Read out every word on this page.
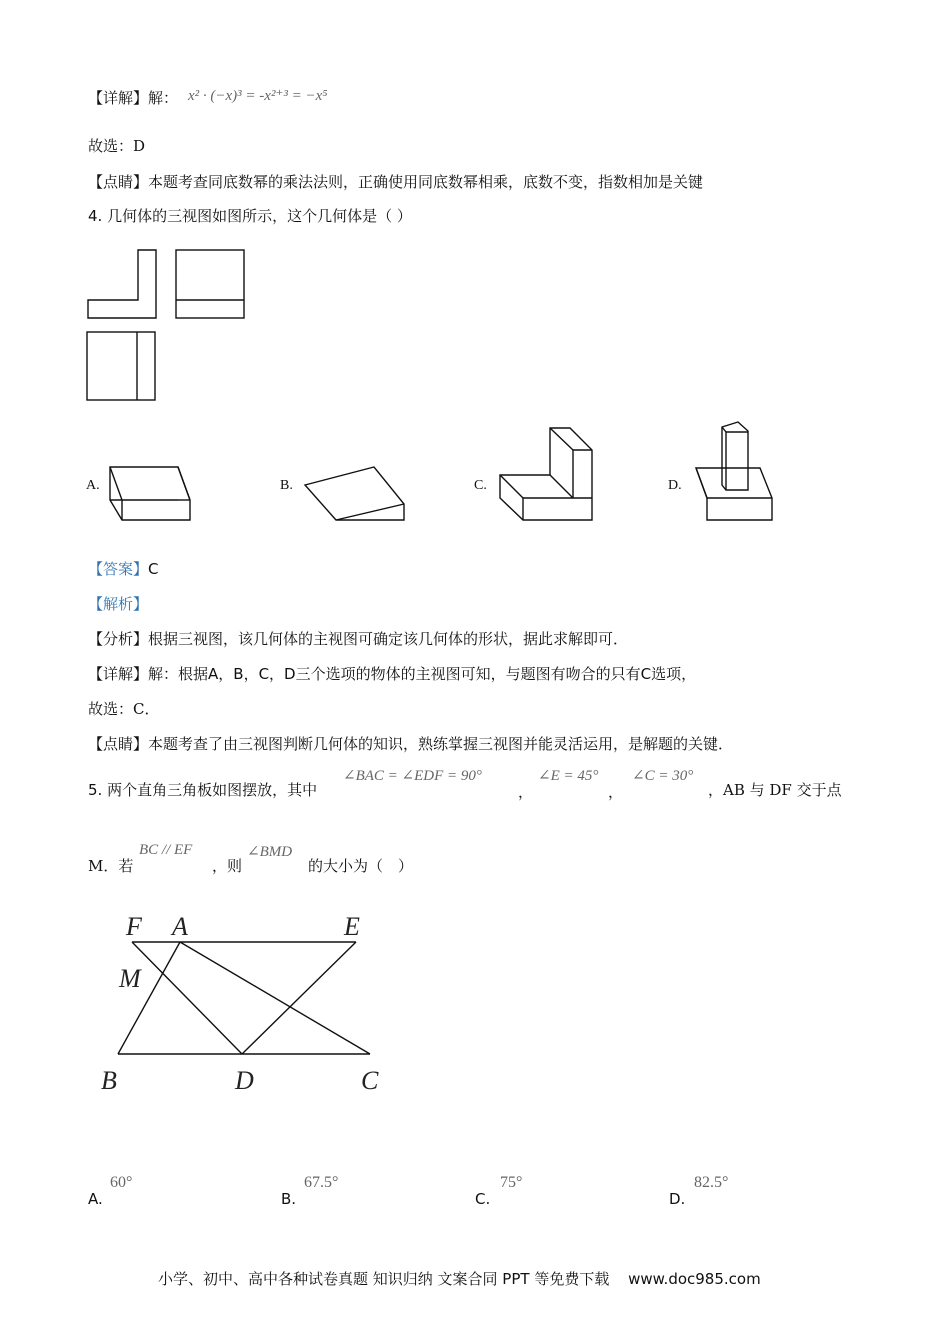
【详解】解： x² · (−x)³ = -x²⁺³ = −x⁵
故选：D
【点睛】本题考查同底数幂的乘法法则，正确使用同底数幂相乘，底数不变，指数相加是关键
4. 几何体的三视图如图所示，这个几何体是（ ）
A.	B.	C.	D.
【答案】C
【解析】
【分析】根据三视图，该几何体的主视图可确定该几何体的形状，据此求解即可．
【详解】解：根据A，B，C，D三个选项的物体的主视图可知，与题图有吻合的只有C选项，
故选：C．
【点睛】本题考查了由三视图判断几何体的知识，熟练掌握三视图并能灵活运用，是解题的关键．
5. 两个直角三角板如图摆放，其中
∠BAC = ∠EDF = 90°
，
∠E = 45°
，
∠C = 30°
，AB 与 DF 交于点
M．若
BC // EF
，则
∠BMD
的大小为（　）
F A	E
M
B	D	C
A.
60°
B.
67.5°
C.
75°
D.
82.5°
小学、初中、高中各种试卷真题 知识归纳 文案合同 PPT 等免费下载 www.doc985.com
